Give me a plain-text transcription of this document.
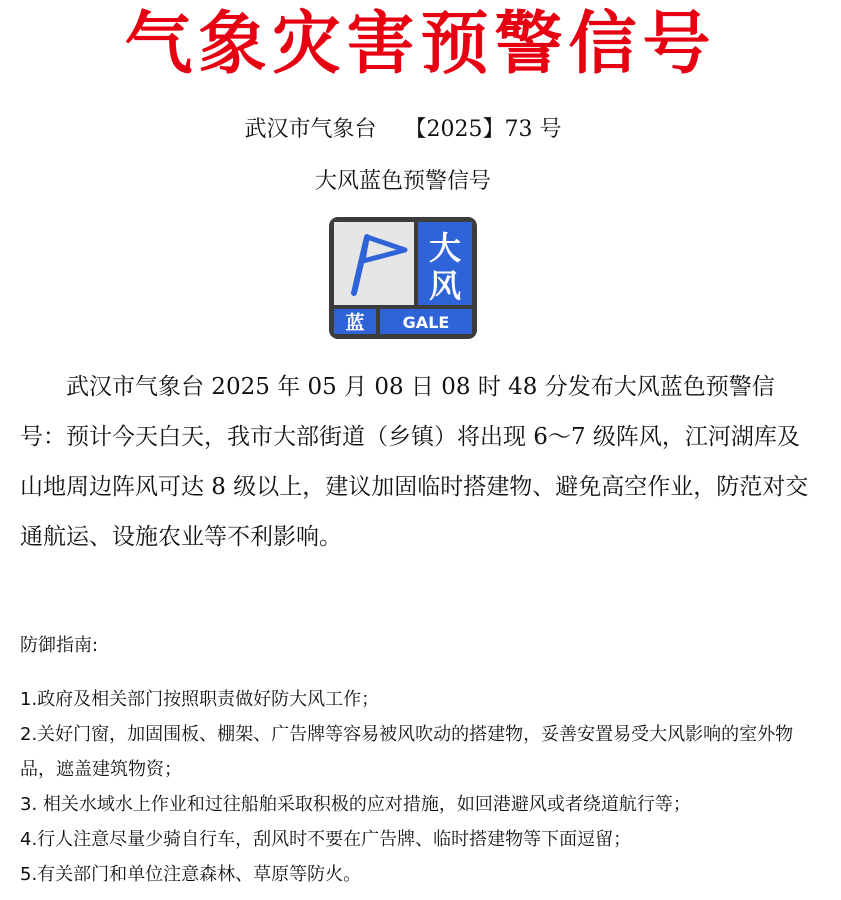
气象灾害预警信号
武汉市气象台 【2025】73 号
大风蓝色预警信号
大
风
蓝 GALE

武汉市气象台 2025 年 05 月 08 日 08 时 48 分发布大风蓝色预警信号：预计今天白天，我市大部街道（乡镇）将出现 6～7 级阵风，江河湖库及山地周边阵风可达 8 级以上，建议加固临时搭建物、避免高空作业，防范对交通航运、设施农业等不利影响。

防御指南:

1.政府及相关部门按照职责做好防大风工作；
2.关好门窗，加固围板、棚架、广告牌等容易被风吹动的搭建物，妥善安置易受大风影响的室外物品，遮盖建筑物资；
3. 相关水域水上作业和过往船舶采取积极的应对措施，如回港避风或者绕道航行等；
4.行人注意尽量少骑自行车，刮风时不要在广告牌、临时搭建物等下面逗留；
5.有关部门和单位注意森林、草原等防火。
